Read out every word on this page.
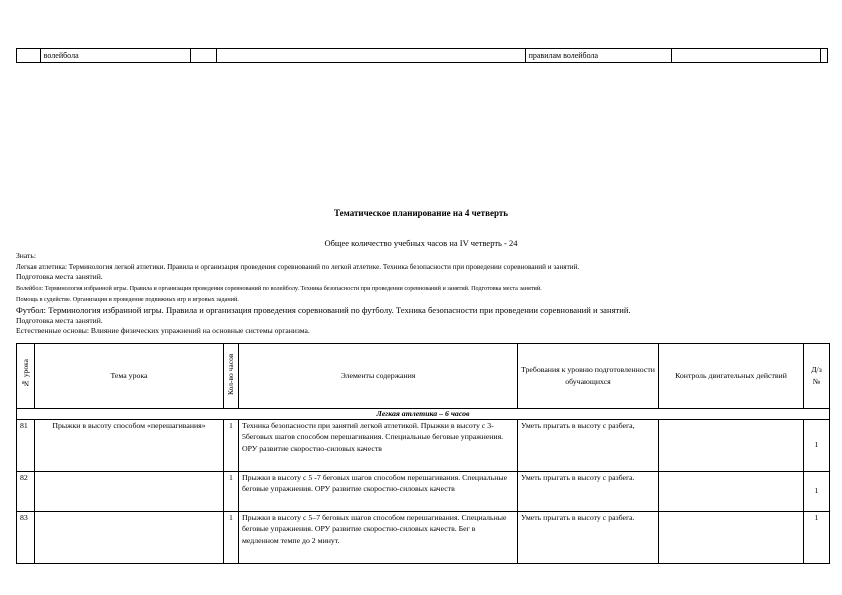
	волейбола			правилам волейбола		
Тематическое планирование на 4 четверть
Общее количество учебных часов на IV четверть - 24
Знать:
Легкая атлетика: Терминология легкой атлетики. Правила и организация проведения соревнований по легкой атлетике. Техника безопасности при проведении соревнований и занятий.
Подготовка места занятий.
Волейбол: Терминология избранной игры. Правила и организация проведения соревнований по волейболу. Техника безопасности при проведении соревнований и занятий. Подготовка места занятий.
Помощь в судействе. Организация и проведение подвижных игр и игровых заданий.
Футбол: Терминология избранной игры. Правила и организация проведения соревнований по футболу. Техника безопасности при проведении соревнований и занятий.
Подготовка места занятий.
Естественные основы: Влияние физических упражнений на основные системы организма.
№ урока	Тема урока	Кол-во часов	Элементы содержания	Требования к уровню подготовленности обучающихся	Контроль двигательных действий	Д/з №
Легкая атлетика – 6 часов						
81	Прыжки в высоту способом «перешагивания»	1	Техника безопасности при занятий легкой атлетикой. Прыжки в высоту с 3-5беговых шагов способом перешагивания. Специальные беговые упражнения. ОРУ развитие скоростно-силовых качеств	Уметь прыгать в высоту с разбега,		1
82		1	Прыжки в высоту с 5 -7 беговых шагов способом перешагивания. Специальные беговые упражнения. ОРУ развитие скоростно-силовых качеств	Уметь прыгать в высоту с разбега.		1
83		1	Прыжки в высоту с 5–7 беговых шагов способом перешагивания. Специальные беговые упражнения. ОРУ развитие скоростно-силовых качеств. Бег в медленном темпе до 2 минут.	Уметь прыгать в высоту с разбега.		1
